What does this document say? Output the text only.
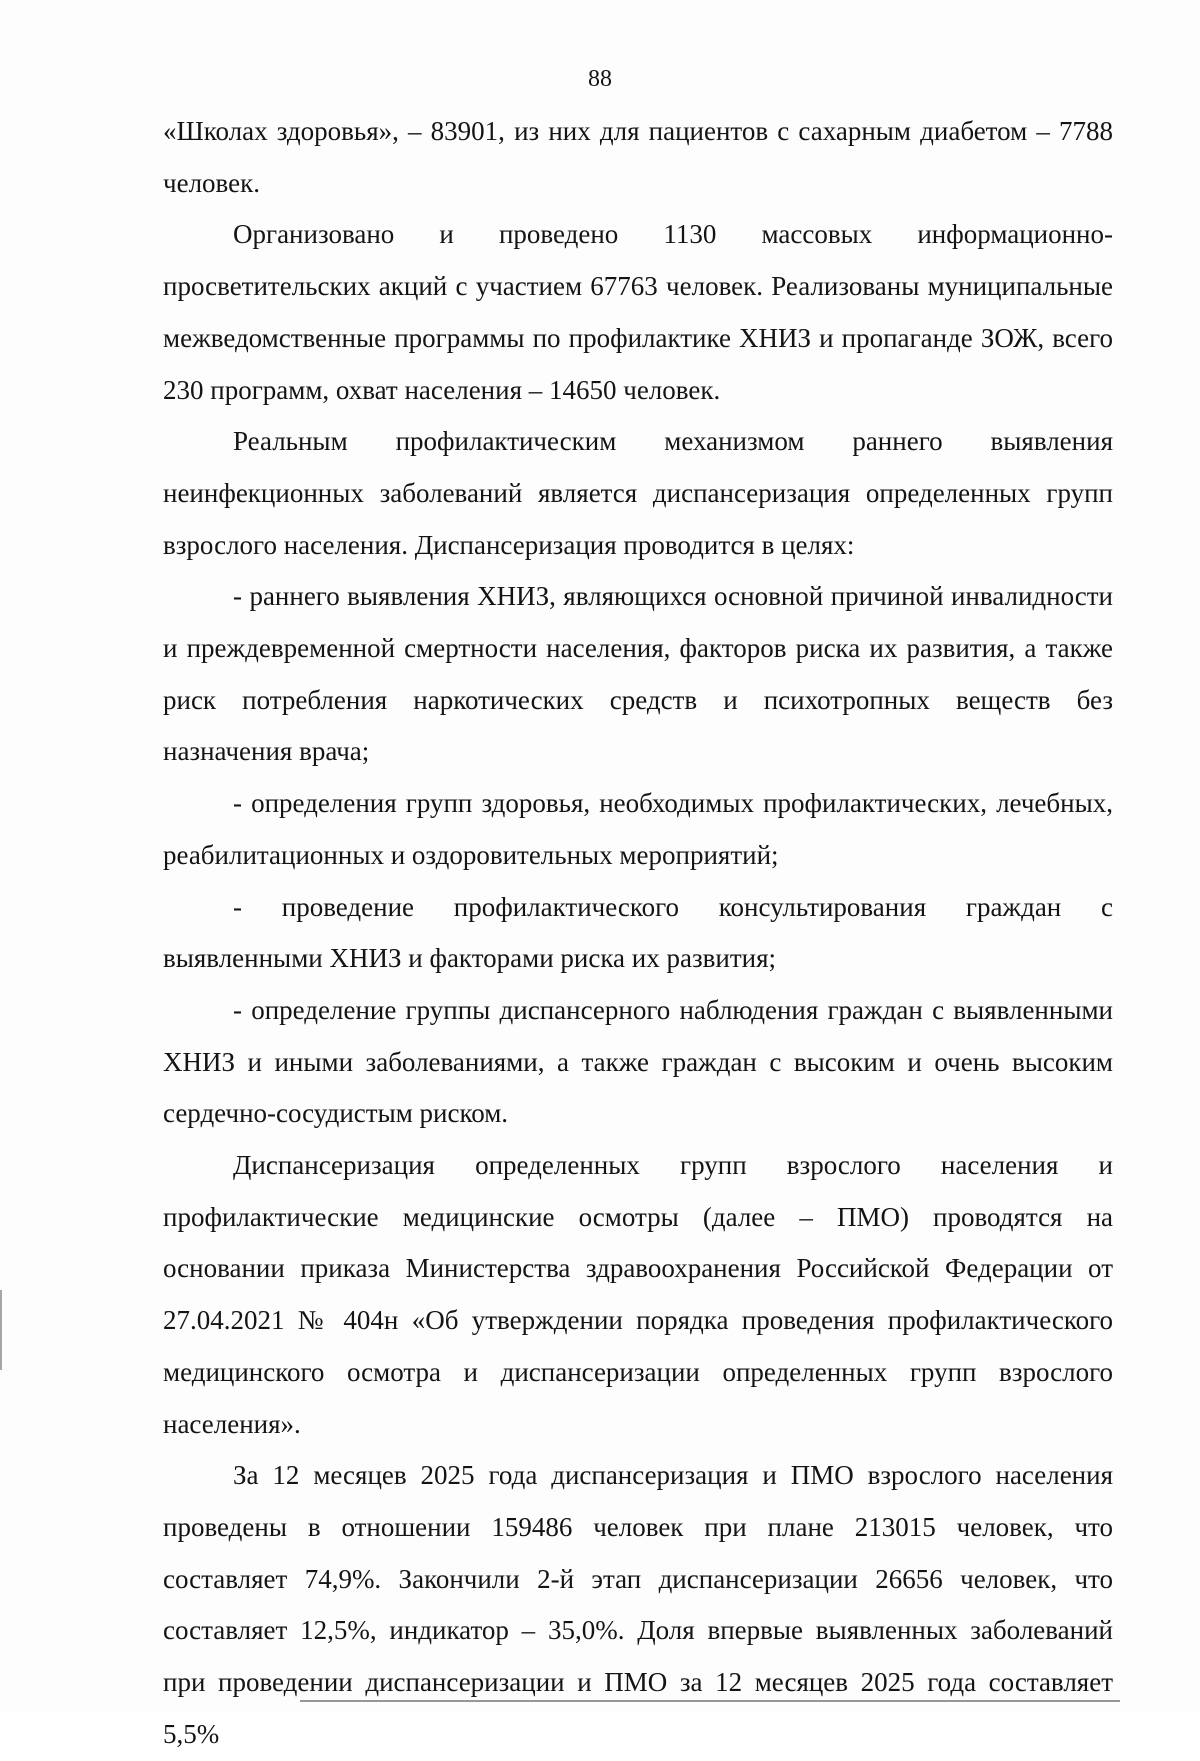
88

«Школах здоровья», – 83901, из них для пациентов с сахарным диабетом – 7788 человек.

Организовано и проведено 1130 массовых информационно-просветительских акций с участием 67763 человек. Реализованы муниципальные межведомственные программы по профилактике ХНИЗ и пропаганде ЗОЖ, всего 230 программ, охват населения – 14650 человек.

Реальным профилактическим механизмом раннего выявления неинфекционных заболеваний является диспансеризация определенных групп взрослого населения. Диспансеризация проводится в целях:

- раннего выявления ХНИЗ, являющихся основной причиной инвалидности и преждевременной смертности населения, факторов риска их развития, а также риск потребления наркотических средств и психотропных веществ без назначения врача;

- определения групп здоровья, необходимых профилактических, лечебных, реабилитационных и оздоровительных мероприятий;

- проведение профилактического консультирования граждан с выявленными ХНИЗ и факторами риска их развития;

- определение группы диспансерного наблюдения граждан с выявленными ХНИЗ и иными заболеваниями, а также граждан с высоким и очень высоким сердечно-сосудистым риском.

Диспансеризация определенных групп взрослого населения и профилактические медицинские осмотры (далее – ПМО) проводятся на основании приказа Министерства здравоохранения Российской Федерации от 27.04.2021 № 404н «Об утверждении порядка проведения профилактического медицинского осмотра и диспансеризации определенных групп взрослого населения».

За 12 месяцев 2025 года диспансеризация и ПМО взрослого населения проведены в отношении 159486 человек при плане 213015 человек, что составляет 74,9%. Закончили 2-й этап диспансеризации 26656 человек, что составляет 12,5%, индикатор – 35,0%. Доля впервые выявленных заболеваний при проведении диспансеризации и ПМО за 12 месяцев 2025 года составляет 5,5%
